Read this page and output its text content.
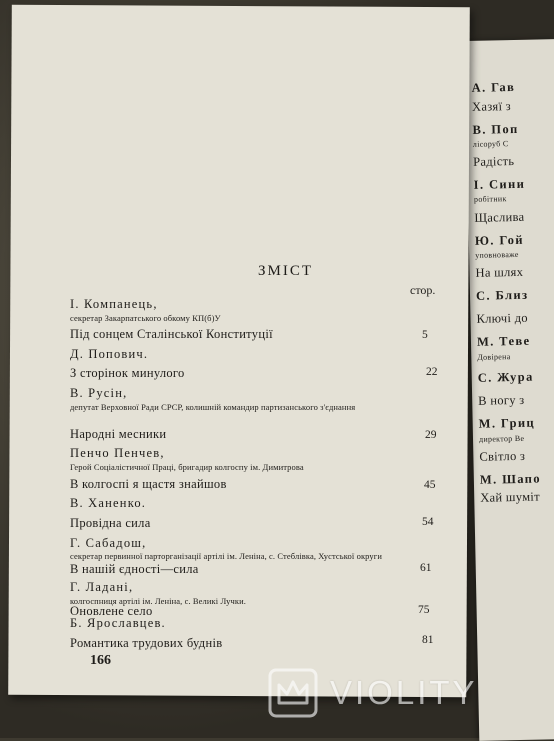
А. Гав
Хазяї з
В. Поп
лісоруб С
Радість
І. Сини
робітник
Щаслива
Ю. Гой
уповноваже
На шлях
С. Близ
Ключі до
М. Теве
Довірена
С. Жура
В ногу з
М. Гриц
директор Ве
Світло з
М. Шапо
Хай шуміт
ЗМІСТ
стор.
І. Компанець,
секретар Закарпатського обкому КП(б)У
Під сонцем Сталінської Конституції	5
Д. Попович.
З сторінок минулого	22
В. Русін,
депутат Верховної Ради СРСР, колишній командир партизанського з'єднання
Народні месники	29
Пенчо Пенчев,
Герой Соціалістичної Праці, бригадир колгоспу ім. Димитрова
В колгоспі я щастя знайшов	45
В. Ханенко.
Провідна сила	54
Г. Сабадош,
секретар первинної парторганізації артілі ім. Леніна, с. Стеблівка, Хустської округи
В нашій єдності—сила	61
Г. Ладані,
колгоспниця артілі ім. Леніна, с. Великі Лучки.
Оновлене село	75
166
VIOLITY
Б. Ярославцев.
Романтика трудових буднів	81
